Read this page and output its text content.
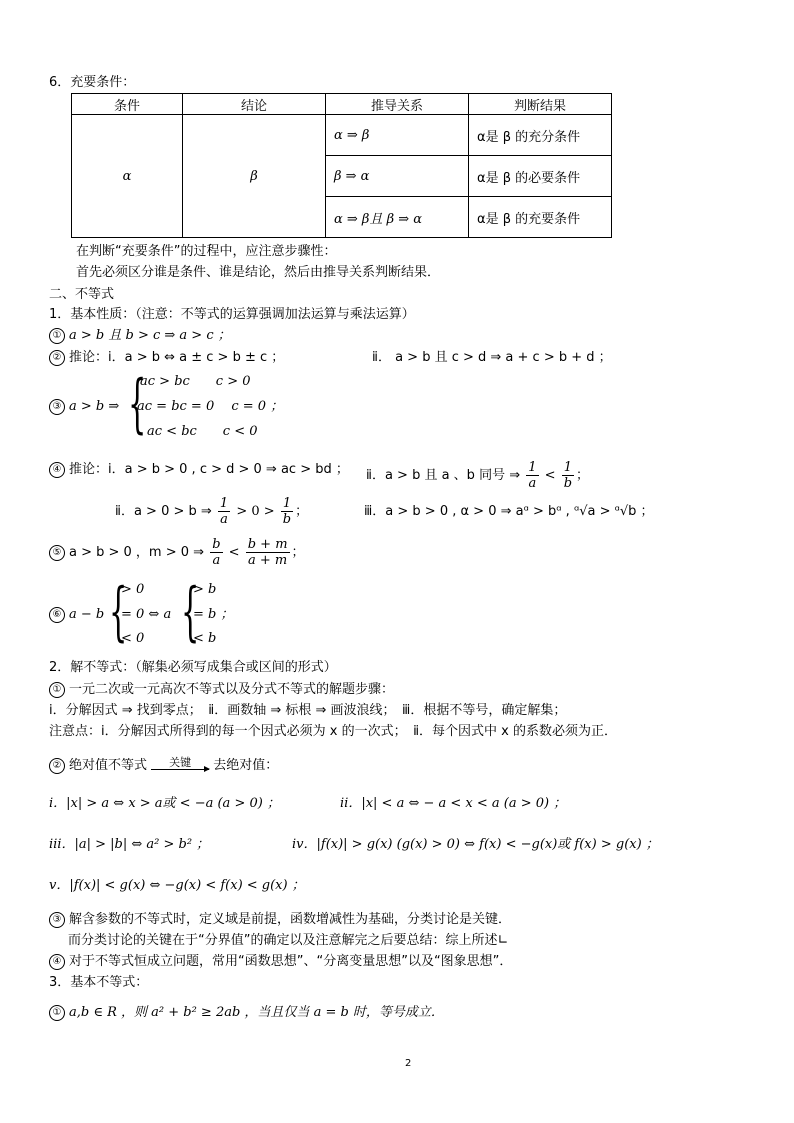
6．充要条件：
条件	结论	推导关系	判断结果
α	β	α ⇒ β	α是 β 的充分条件
		β ⇒ α	α是 β 的必要条件
		α ⇒ β且 β ⇒ α	α是 β 的充要条件
在判断“充要条件”的过程中，应注意步骤性：
首先必须区分谁是条件、谁是结论，然后由推导关系判断结果．
二、不等式
1．基本性质：（注意：不等式的运算强调加法运算与乘法运算）
① a > b 且 b > c ⇒ a > c ；
② 推论：ⅰ．a > b ⇔ a ± c > b ± c ；	ⅱ． a > b 且 c > d ⇒ a + c > b + d ；
③ a > b ⇒ {
ac > bc　　c > 0
ac = bc = 0　 c = 0 ；
ac < bc　　c < 0
④ 推论：ⅰ．a > b > 0 , c > d > 0 ⇒ ac > bd ； ⅱ．a > b 且 a 、b 同号 ⇒ $\frac{1}{a} < \frac{1}{b}$ ；
ⅱ．a > 0 > b ⇒ $\frac{1}{a} > 0 > \frac{1}{b}$ ；	ⅲ．a > b > 0 , α > 0 ⇒ aᵅ > bᵅ , ᵅ√a > ᵅ√b ；
⑤ a > b > 0 ，m > 0 ⇒ $\frac{b}{a} < \frac{b + m}{a + m}$ ；
⑥ a − b {
> 0
= 0 ⇔ a
< 0 {
> b
= b ；
< b
2．解不等式：（解集必须写成集合或区间的形式）
① 一元二次或一元高次不等式以及分式不等式的解题步骤：
ⅰ．分解因式 ⇒ 找到零点；　ⅱ．画数轴 ⇒ 标根 ⇒ 画波浪线；　ⅲ．根据不等号，确定解集；
注意点：ⅰ．分解因式所得到的每一个因式必须为 x 的一次式；　ⅱ．每个因式中 x 的系数必须为正．
② 绝对值不等式	关键	去绝对值：
ⅰ．|x| > a ⇔ x > a或 < −a (a > 0) ；	ⅱ．|x| < a ⇔ − a < x < a (a > 0) ；
ⅲ．|a| > |b| ⇔ a² > b² ；	ⅳ．|f(x)| > g(x) (g(x) > 0) ⇔ f(x) < −g(x)或 f(x) > g(x) ；
ⅴ．|f(x)| < g(x) ⇔ −g(x) < f(x) < g(x) ；
③ 解含参数的不等式时，定义域是前提，函数增减性为基础，分类讨论是关键．
而分类讨论的关键在于“分界值”的确定以及注意解完之后要总结：综上所述∟
④ 对于不等式恒成立问题，常用“函数思想”、“分离变量思想”以及“图象思想”．
3．基本不等式：
① a,b ∈ R ，则 a² + b² ≥ 2ab ，当且仅当 a = b 时，等号成立．
2
